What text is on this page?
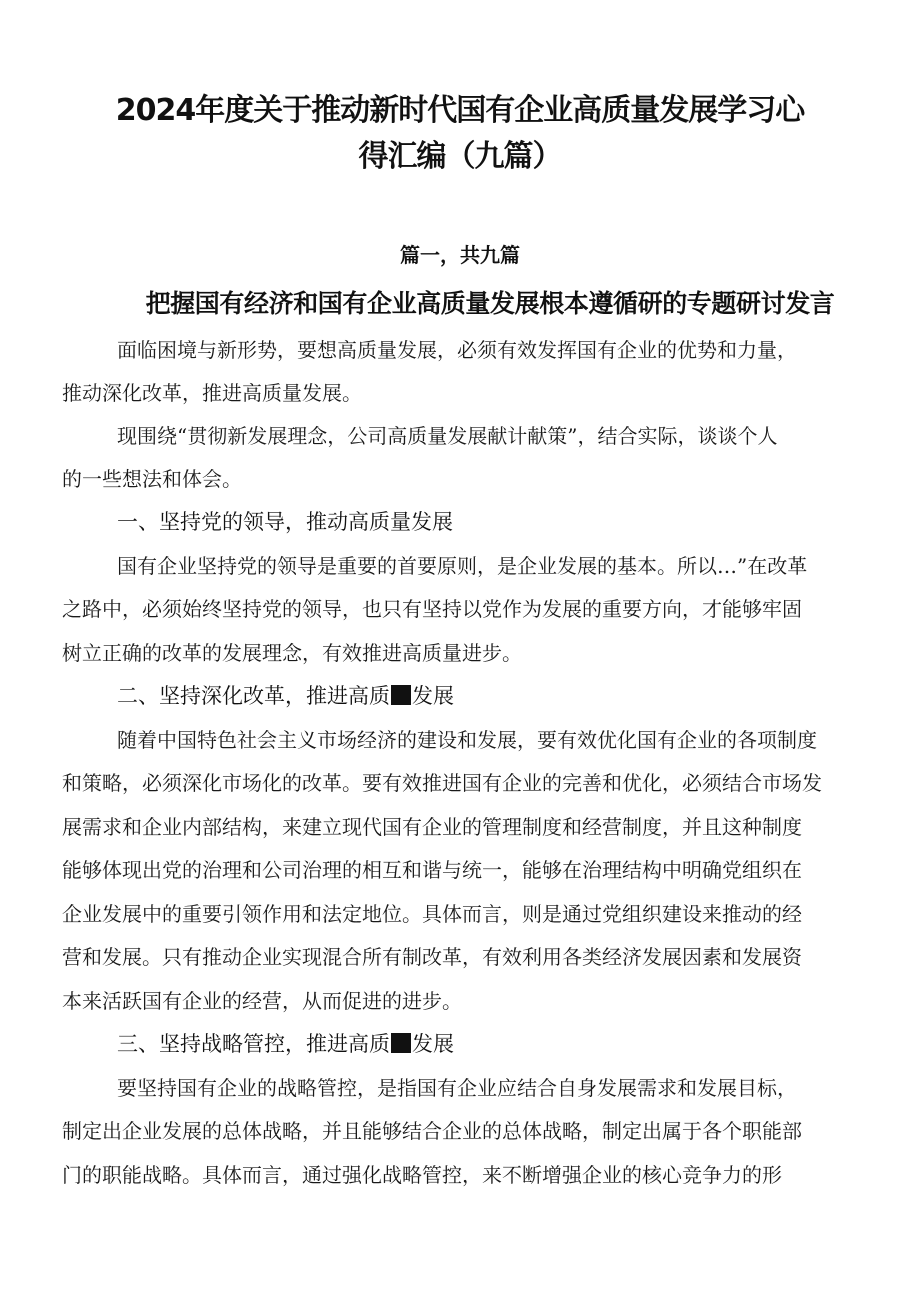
2024年度关于推动新时代国有企业高质量发展学习心
得汇编（九篇）
篇一，共九篇
把握国有经济和国有企业高质量发展根本遵循研的专题研讨发言
面临困境与新形势，要想高质量发展，必须有效发挥国有企业的优势和力量，
推动深化改革，推进高质量发展。
现围绕“贯彻新发展理念，公司高质量发展献计献策”，结合实际，谈谈个人
的一些想法和体会。
一、坚持党的领导，推动高质量发展
国有企业坚持党的领导是重要的首要原则，是企业发展的基本。所以…”在改革
之路中，必须始终坚持党的领导，也只有坚持以党作为发展的重要方向，才能够牢固
树立正确的改革的发展理念，有效推进高质量进步。
二、坚持深化改革，推进高质 发展
随着中国特色社会主义市场经济的建设和发展，要有效优化国有企业的各项制度
和策略，必须深化市场化的改革。要有效推进国有企业的完善和优化，必须结合市场发
展需求和企业内部结构，来建立现代国有企业的管理制度和经营制度，并且这种制度
能够体现出党的治理和公司治理的相互和谐与统一，能够在治理结构中明确党组织在
企业发展中的重要引领作用和法定地位。具体而言，则是通过党组织建设来推动的经
营和发展。只有推动企业实现混合所有制改革，有效利用各类经济发展因素和发展资
本来活跃国有企业的经营，从而促进的进步。
三、坚持战略管控，推进高质 发展
要坚持国有企业的战略管控，是指国有企业应结合自身发展需求和发展目标，
制定出企业发展的总体战略，并且能够结合企业的总体战略，制定出属于各个职能部
门的职能战略。具体而言，通过强化战略管控，来不断增强企业的核心竞争力的形
